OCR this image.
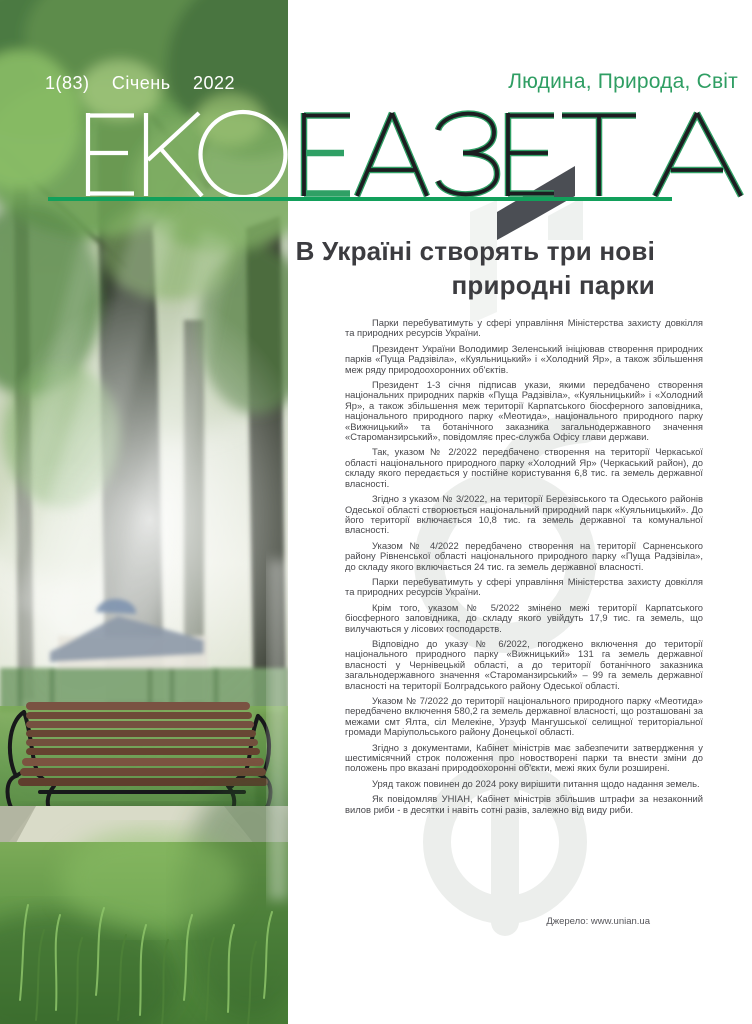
1(83) Січень 2022	Людина, Природа, Світ
В Україні створять три нові
природні парки

Парки перебуватимуть у сфері управління Міністерства захисту довкілля та природних ресурсів України.

Президент України Володимир Зеленський ініціював створення природних парків «Пуща Радзівіла», «Куяльницький» і «Холодний Яр», а також збільшення меж ряду природоохоронних об'єктів.

Президент 1-3 січня підписав укази, якими передбачено створення національних природних парків «Пуща Радзівіла», «Куяльницький» і «Холодний Яр», а також збільшення меж території Карпатського біосферного заповідника, національного природного парку «Меотида», національного природного парку «Вижницький» та ботанічного заказника загальнодержавного значення «Староманзирський», повідомляє прес-служба Офісу глави держави.

Так, указом № 2/2022 передбачено створення на території Черкаської області національного природного парку «Холодний Яр» (Черкаський район), до складу якого передається у постійне користування 6,8 тис. га земель державної власності.

Згідно з указом № 3/2022, на території Березівського та Одеського районів Одеської області створюється національний природний парк «Куяльницький». До його території включається 10,8 тис. га земель державної та комунальної власності.

Указом № 4/2022 передбачено створення на території Сарненського району Рівненської області національного природного парку «Пуща Радзівіла», до складу якого включається 24 тис. га земель державної власності.

Парки перебуватимуть у сфері управління Міністерства захисту довкілля та природних ресурсів України.

Крім того, указом № 5/2022 змінено межі території Карпатського біосферного заповідника, до складу якого увійдуть 17,9 тис. га земель, що вилучаються у лісових господарств.

Відповідно до указу № 6/2022, погоджено включення до території національного природного парку «Вижницький» 131 га земель державної власності у Чернівецькій області, а до території ботанічного заказника загальнодержавного значення «Староманзирський» – 99 га земель державної власності на території Болградського району Одеської області.

Указом № 7/2022 до території національного природного парку «Меотида» передбачено включення 580,2 га земель державної власності, що розташовані за межами смт Ялта, сіл Мелекіне, Урзуф Мангушської селищної територіальної громади Маріупольського району Донецької області.

Згідно з документами, Кабінет міністрів має забезпечити затвердження у шестимісячний строк положення про новостворені парки та внести зміни до положень про вказані природоохоронні об'єкти, межі яких були розширені.

Уряд також повинен до 2024 року вирішити питання щодо надання земель.

Як повідомляв УНІАН, Кабінет міністрів збільшив штрафи за незаконний вилов риби - в десятки і навіть сотні разів, залежно від виду риби.

Джерело: www.unian.ua
